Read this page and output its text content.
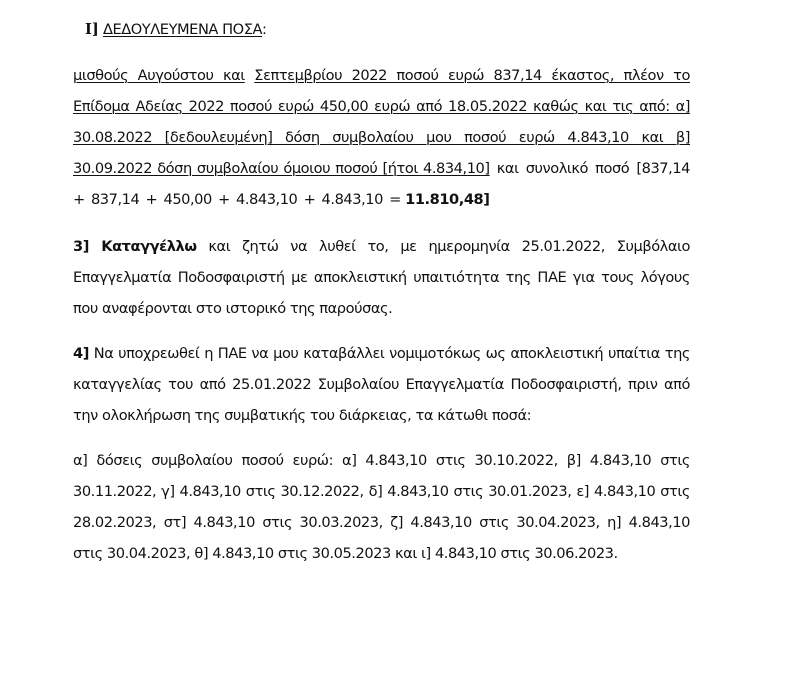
I] ΔΕΔΟΥΛΕΥΜΕΝΑ ΠΟΣΑ:

μισθούς Αυγούστου και Σεπτεμβρίου 2022 ποσού ευρώ 837,14 έκαστος, πλέον το Επίδομα Αδείας 2022 ποσού ευρώ 450,00 ευρώ από 18.05.2022 καθώς και τις από: α] 30.08.2022 [δεδουλευμένη] δόση συμβολαίου μου ποσού ευρώ 4.843,10 και β] 30.09.2022 δόση συμβολαίου όμοιου ποσού [ήτοι 4.834,10] και συνολικό ποσό [837,14 + 837,14 + 450,00 + 4.843,10 + 4.843,10 = 11.810,48]

3] Καταγγέλλω και ζητώ να λυθεί το, με ημερομηνία 25.01.2022, Συμβόλαιο Επαγγελματία Ποδοσφαιριστή με αποκλειστική υπαιτιότητα της ΠΑΕ για τους λόγους που αναφέρονται στο ιστορικό της παρούσας.

4] Να υποχρεωθεί η ΠΑΕ να μου καταβάλλει νομιμοτόκως ως αποκλειστική υπαίτια της καταγγελίας του από 25.01.2022 Συμβολαίου Επαγγελματία Ποδοσφαιριστή, πριν από την ολοκλήρωση της συμβατικής του διάρκειας, τα κάτωθι ποσά:

α] δόσεις συμβολαίου ποσού ευρώ: α] 4.843,10 στις 30.10.2022, β] 4.843,10 στις 30.11.2022, γ] 4.843,10 στις 30.12.2022, δ] 4.843,10 στις 30.01.2023, ε] 4.843,10 στις 28.02.2023, στ] 4.843,10 στις 30.03.2023, ζ] 4.843,10 στις 30.04.2023, η] 4.843,10 στις 30.04.2023, θ] 4.843,10 στις 30.05.2023 και ι] 4.843,10 στις 30.06.2023.
